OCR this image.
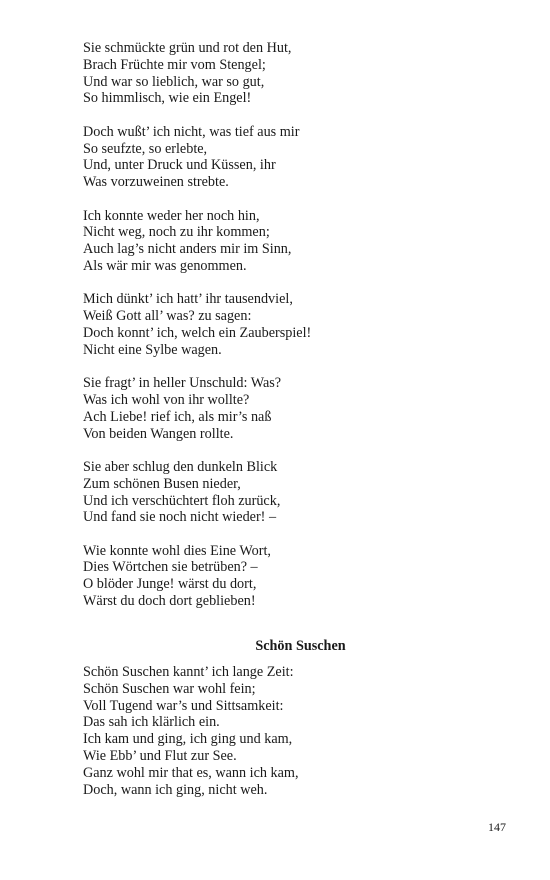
Sie schmückte grün und rot den Hut,
Brach Früchte mir vom Stengel;
Und war so lieblich, war so gut,
So himmlisch, wie ein Engel!
Doch wußt’ ich nicht, was tief aus mir
So seufzte, so erlebte,
Und, unter Druck und Küssen, ihr
Was vorzuweinen strebte.
Ich konnte weder her noch hin,
Nicht weg, noch zu ihr kommen;
Auch lag’s nicht anders mir im Sinn,
Als wär mir was genommen.
Mich dünkt’ ich hatt’ ihr tausendviel,
Weiß Gott all’ was? zu sagen:
Doch konnt’ ich, welch ein Zauberspiel!
Nicht eine Sylbe wagen.
Sie fragt’ in heller Unschuld: Was?
Was ich wohl von ihr wollte?
Ach Liebe! rief ich, als mir’s naß
Von beiden Wangen rollte.
Sie aber schlug den dunkeln Blick
Zum schönen Busen nieder,
Und ich verschüchtert floh zurück,
Und fand sie noch nicht wieder! –
Wie konnte wohl dies Eine Wort,
Dies Wörtchen sie betrüben? –
O blöder Junge! wärst du dort,
Wärst du doch dort geblieben!
Schön Suschen
Schön Suschen kannt’ ich lange Zeit:
Schön Suschen war wohl fein;
Voll Tugend war’s und Sittsamkeit:
Das sah ich klärlich ein.
Ich kam und ging, ich ging und kam,
Wie Ebb’ und Flut zur See.
Ganz wohl mir that es, wann ich kam,
Doch, wann ich ging, nicht weh.
147
